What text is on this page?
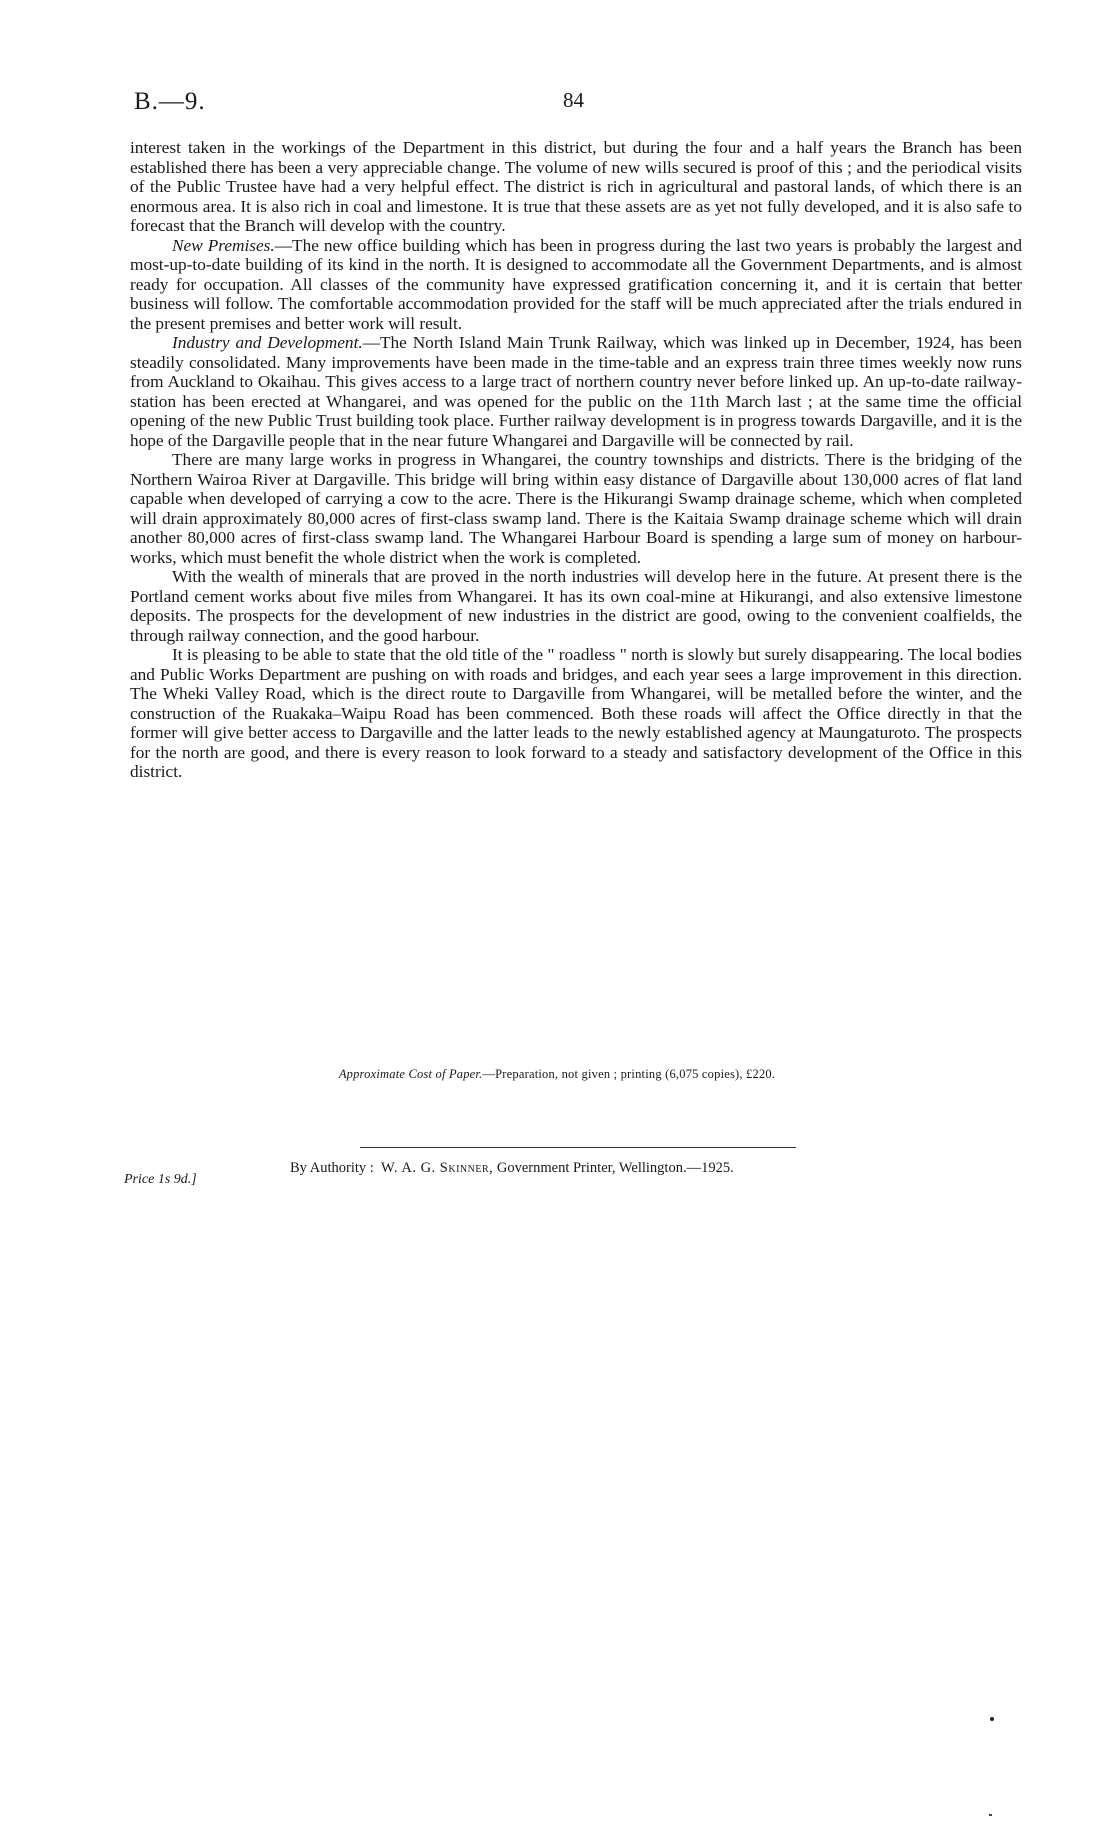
B.—9.	84

interest taken in the workings of the Department in this district, but during the four and a half years the Branch has been established there has been a very appreciable change. The volume of new wills secured is proof of this ; and the periodical visits of the Public Trustee have had a very helpful effect. The district is rich in agricultural and pastoral lands, of which there is an enormous area. It is also rich in coal and limestone. It is true that these assets are as yet not fully developed, and it is also safe to forecast that the Branch will develop with the country.

New Premises.—The new office building which has been in progress during the last two years is probably the largest and most-up-to-date building of its kind in the north. It is designed to accommodate all the Government Departments, and is almost ready for occupation. All classes of the community have expressed gratification concerning it, and it is certain that better business will follow. The comfortable accommodation provided for the staff will be much appreciated after the trials endured in the present premises and better work will result.

Industry and Development.—The North Island Main Trunk Railway, which was linked up in December, 1924, has been steadily consolidated. Many improvements have been made in the time-table and an express train three times weekly now runs from Auckland to Okaihau. This gives access to a large tract of northern country never before linked up. An up-to-date railway-station has been erected at Whangarei, and was opened for the public on the 11th March last ; at the same time the official opening of the new Public Trust building took place. Further railway development is in progress towards Dargaville, and it is the hope of the Dargaville people that in the near future Whangarei and Dargaville will be connected by rail.

There are many large works in progress in Whangarei, the country townships and districts. There is the bridging of the Northern Wairoa River at Dargaville. This bridge will bring within easy distance of Dargaville about 130,000 acres of flat land capable when developed of carrying a cow to the acre. There is the Hikurangi Swamp drainage scheme, which when completed will drain approximately 80,000 acres of first-class swamp land. There is the Kaitaia Swamp drainage scheme which will drain another 80,000 acres of first-class swamp land. The Whangarei Harbour Board is spending a large sum of money on harbour-works, which must benefit the whole district when the work is completed.

With the wealth of minerals that are proved in the north industries will develop here in the future. At present there is the Portland cement works about five miles from Whangarei. It has its own coal-mine at Hikurangi, and also extensive limestone deposits. The prospects for the development of new industries in the district are good, owing to the convenient coalfields, the through railway connection, and the good harbour.

It is pleasing to be able to state that the old title of the " roadless " north is slowly but surely disappearing. The local bodies and Public Works Department are pushing on with roads and bridges, and each year sees a large improvement in this direction. The Wheki Valley Road, which is the direct route to Dargaville from Whangarei, will be metalled before the winter, and the construction of the Ruakaka–Waipu Road has been commenced. Both these roads will affect the Office directly in that the former will give better access to Dargaville and the latter leads to the newly established agency at Maungaturoto. The prospects for the north are good, and there is every reason to look forward to a steady and satisfactory development of the Office in this district.

Approximate Cost of Paper.—Preparation, not given ; printing (6,075 copies), £220.
By Authority : W. A. G. Skinner, Government Printer, Wellington.—1925.
Price 1s 9d.]
